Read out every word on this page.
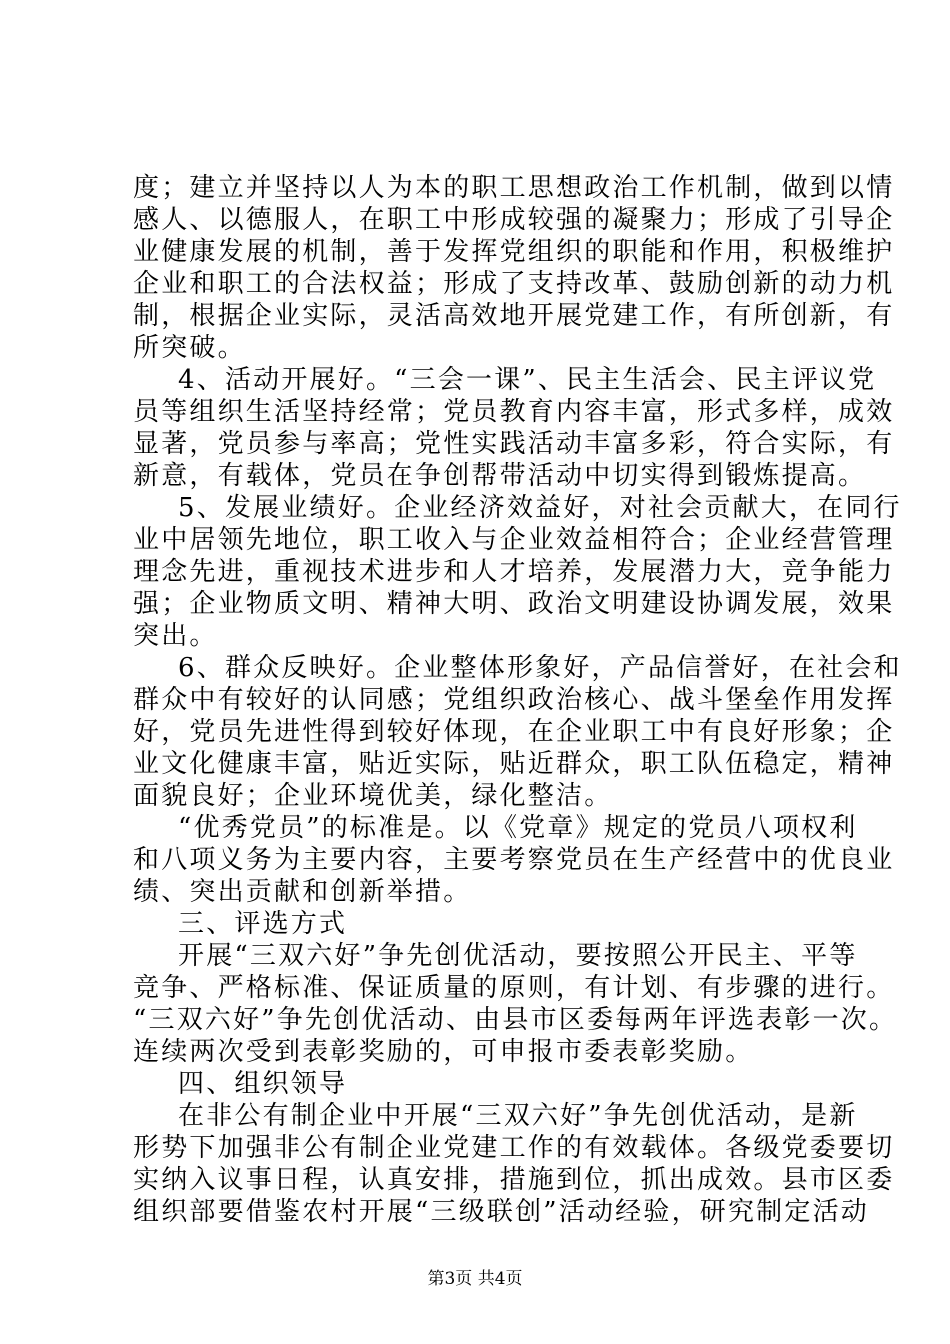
度；建立并坚持以人为本的职工思想政治工作机制，做到以情
感人、以德服人，在职工中形成较强的凝聚力；形成了引导企
业健康发展的机制，善于发挥党组织的职能和作用，积极维护
企业和职工的合法权益；形成了支持改革、鼓励创新的动力机
制，根据企业实际，灵活高效地开展党建工作，有所创新，有
所突破。
4、活动开展好。“三会一课”、民主生活会、民主评议党
员等组织生活坚持经常；党员教育内容丰富，形式多样，成效
显著，党员参与率高；党性实践活动丰富多彩，符合实际，有
新意，有载体，党员在争创帮带活动中切实得到锻炼提高。
5、发展业绩好。企业经济效益好，对社会贡献大，在同行
业中居领先地位，职工收入与企业效益相符合；企业经营管理
理念先进，重视技术进步和人才培养，发展潜力大，竞争能力
强；企业物质文明、精神大明、政治文明建设协调发展，效果
突出。
6、群众反映好。企业整体形象好，产品信誉好，在社会和
群众中有较好的认同感；党组织政治核心、战斗堡垒作用发挥
好，党员先进性得到较好体现，在企业职工中有良好形象；企
业文化健康丰富，贴近实际，贴近群众，职工队伍稳定，精神
面貌良好；企业环境优美，绿化整洁。
“优秀党员”的标准是。以《党章》规定的党员八项权利
和八项义务为主要内容，主要考察党员在生产经营中的优良业
绩、突出贡献和创新举措。
三、评选方式
开展“三双六好”争先创优活动，要按照公开民主、平等
竞争、严格标准、保证质量的原则，有计划、有步骤的进行。
“三双六好”争先创优活动、由县市区委每两年评选表彰一次。
连续两次受到表彰奖励的，可申报市委表彰奖励。
四、组织领导
在非公有制企业中开展“三双六好”争先创优活动，是新
形势下加强非公有制企业党建工作的有效载体。各级党委要切
实纳入议事日程，认真安排，措施到位，抓出成效。县市区委
组织部要借鉴农村开展“三级联创”活动经验，研究制定活动
第3页 共4页
